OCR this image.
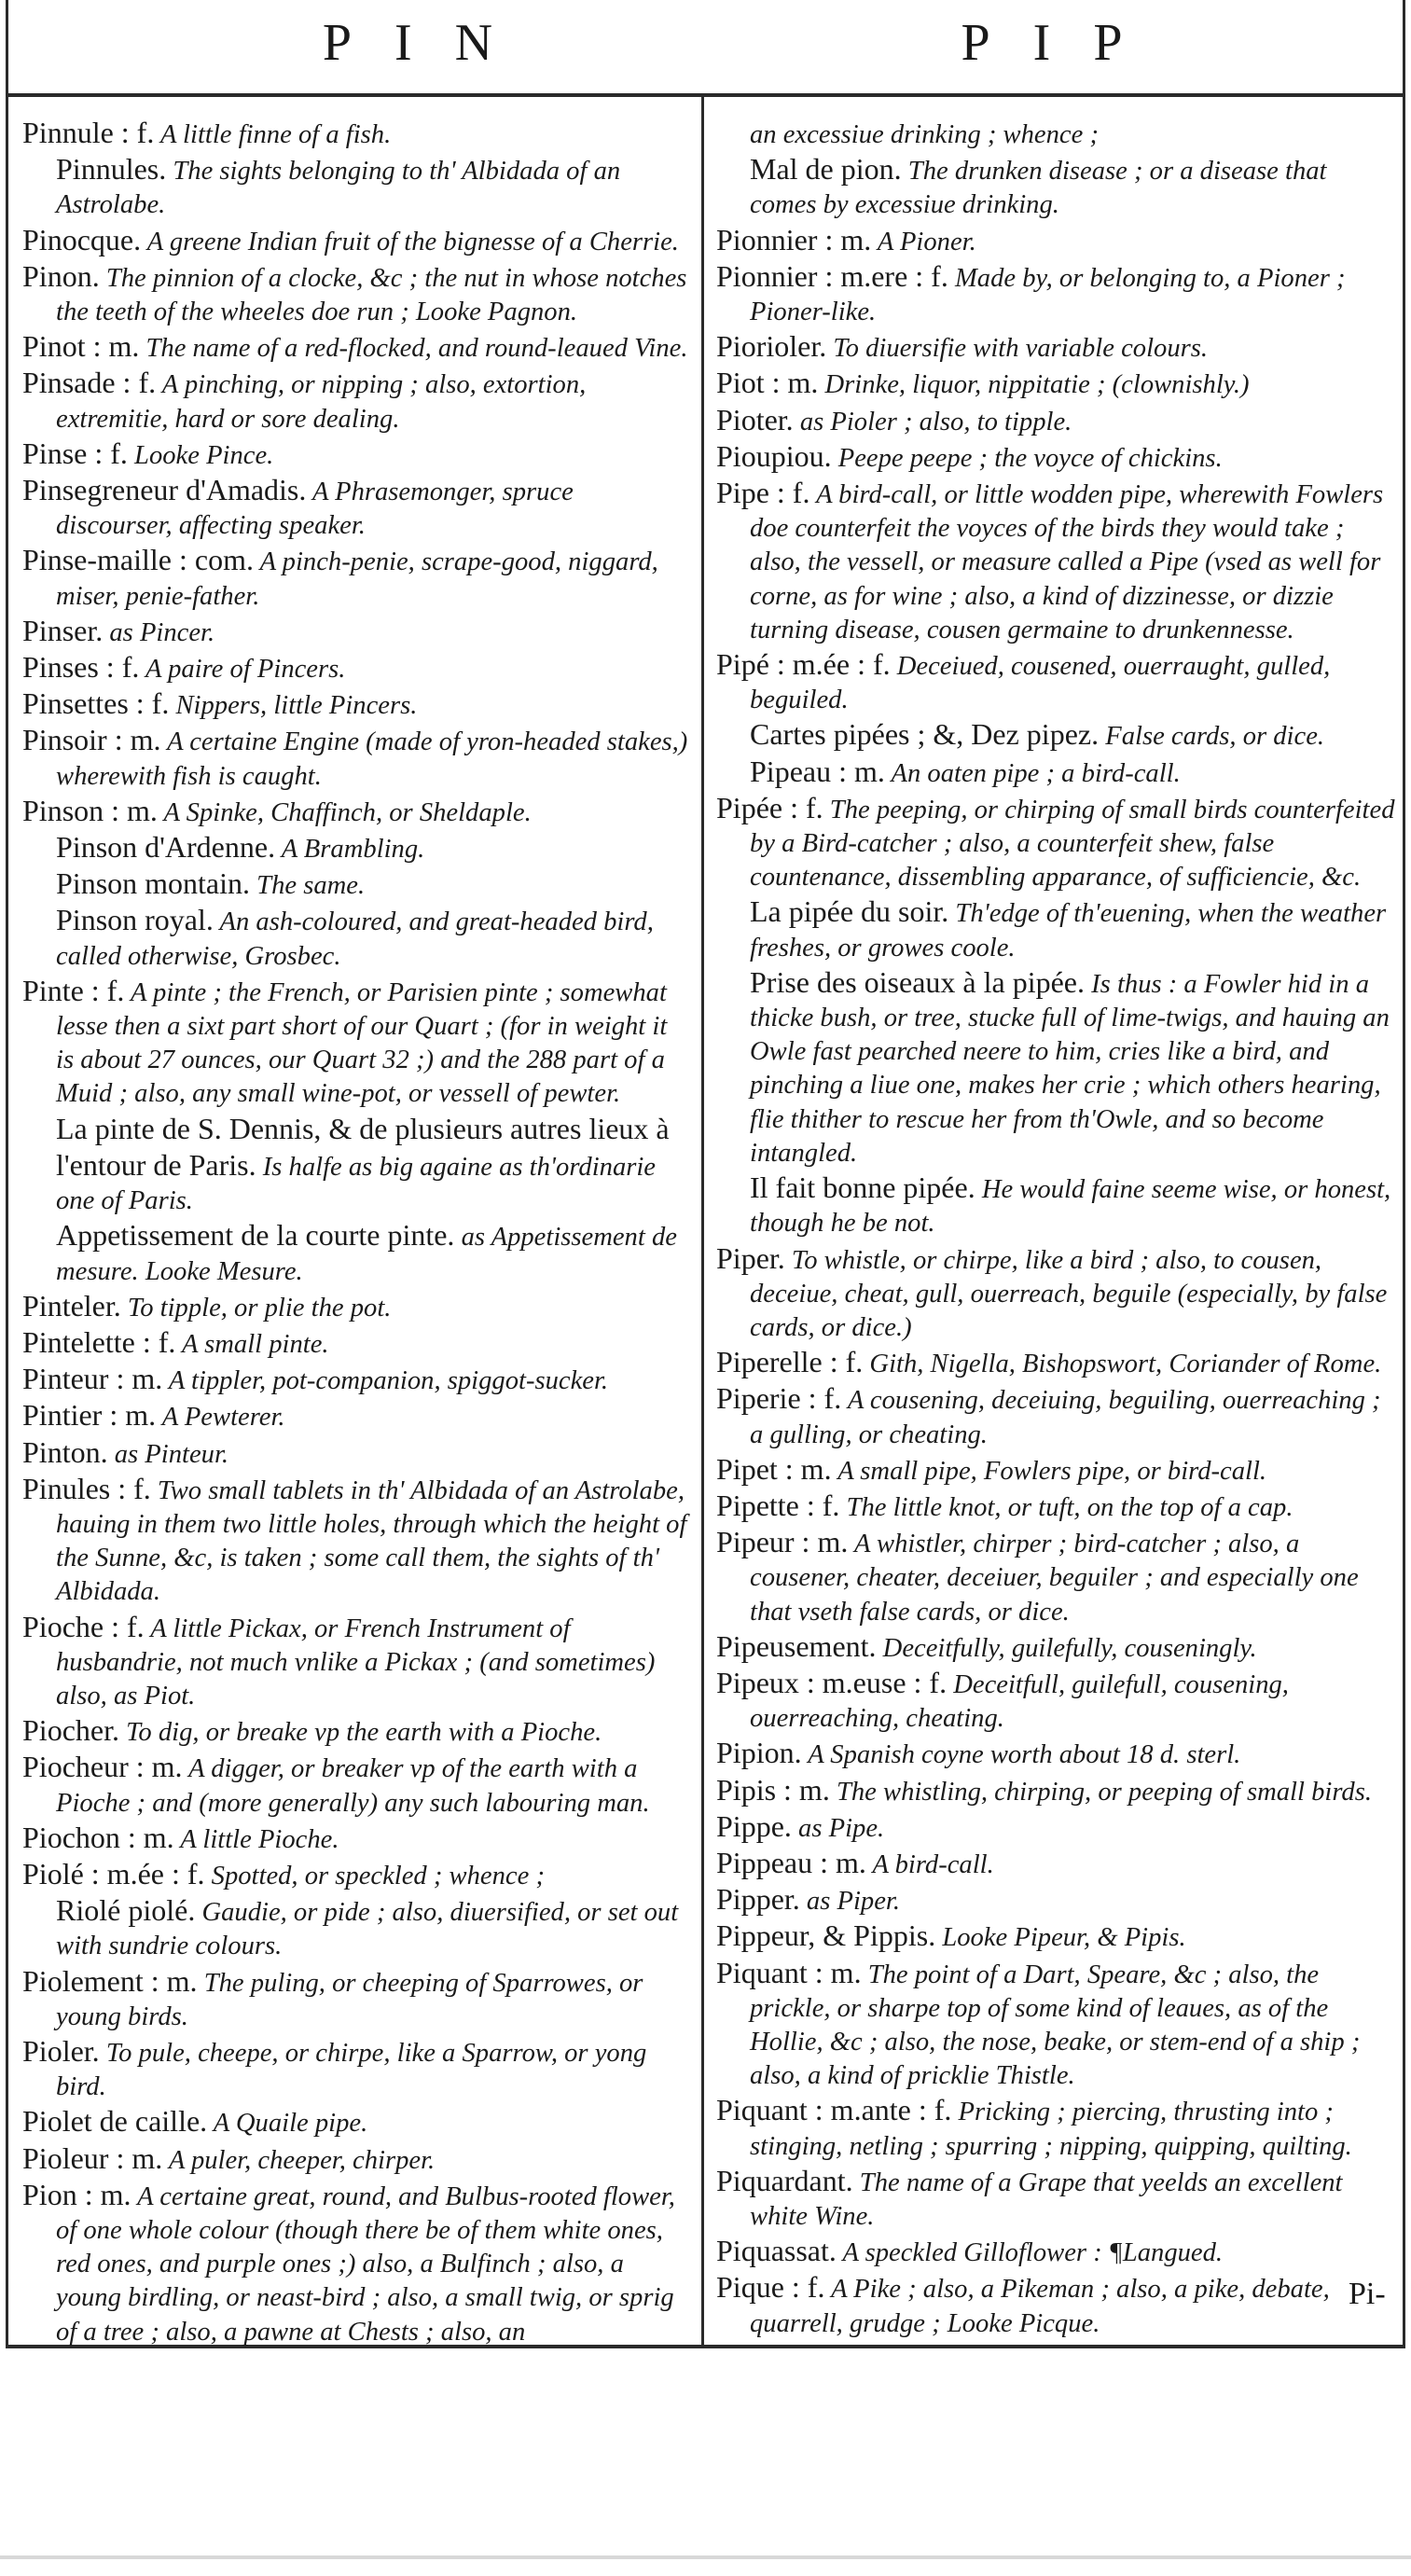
PIN	PIP
Pinnule : f. A little finne of a fish.
Pinnules. The sights belonging to th' Albidada of an Astrolabe.
Pinocque. A greene Indian fruit of the bignesse of a Cherrie.
Pinon. The pinnion of a clocke, &c ; the nut in whose notches the teeth of the wheeles doe run ; Looke Pagnon.
Pinot : m. The name of a red-flocked, and round-leaued Vine.
Pinsade : f. A pinching, or nipping ; also, extortion, extremitie, hard or sore dealing.
Pinse : f. Looke Pince.
Pinsegreneur d'Amadis. A Phrasemonger, spruce discourser, affecting speaker.
Pinse-maille : com. A pinch-penie, scrape-good, niggard, miser, penie-father.
Pinser. as Pincer.
Pinses : f. A paire of Pincers.
Pinsettes : f. Nippers, little Pincers.
Pinsoir : m. A certaine Engine (made of yron-headed stakes,) wherewith fish is caught.
Pinson : m. A Spinke, Chaffinch, or Sheldaple.
Pinson d'Ardenne. A Brambling.
Pinson montain. The same.
Pinson royal. An ash-coloured, and great-headed bird, called otherwise, Grosbec.
Pinte : f. A pinte ; the French, or Parisien pinte ; somewhat lesse then a sixt part short of our Quart ; (for in weight it is about 27 ounces, our Quart 32 ;) and the 288 part of a Muid ; also, any small wine-pot, or vessell of pewter.
La pinte de S. Dennis, & de plusieurs autres lieux à l'entour de Paris. Is halfe as big againe as th'ordinarie one of Paris.
Appetissement de la courte pinte. as Appetissement de mesure. Looke Mesure.
Pinteler. To tipple, or plie the pot.
Pintelette : f. A small pinte.
Pinteur : m. A tippler, pot-companion, spiggot-sucker.
Pintier : m. A Pewterer.
Pinton. as Pinteur.
Pinules : f. Two small tablets in th' Albidada of an Astrolabe, hauing in them two little holes, through which the height of the Sunne, &c, is taken ; some call them, the sights of th' Albidada.
Pioche : f. A little Pickax, or French Instrument of husbandrie, not much vnlike a Pickax ; (and sometimes) also, as Piot.
Piocher. To dig, or breake vp the earth with a Pioche.
Piocheur : m. A digger, or breaker vp of the earth with a Pioche ; and (more generally) any such labouring man.
Piochon : m. A little Pioche.
Piolé : m.ée : f. Spotted, or speckled ; whence ;
Riolé piolé. Gaudie, or pide ; also, diuersified, or set out with sundrie colours.
Piolement : m. The puling, or cheeping of Sparrowes, or young birds.
Pioler. To pule, cheepe, or chirpe, like a Sparrow, or yong bird.
Piolet de caille. A Quaile pipe.
Pioleur : m. A puler, cheeper, chirper.
Pion : m. A certaine great, round, and Bulbus-rooted flower, of one whole colour (though there be of them white ones, red ones, and purple ones ;) also, a Bulfinch ; also, a young birdling, or neast-bird ; also, a small twig, or sprig of a tree ; also, a pawne at Chests ; also, an
an excessiue drinking ; whence ;
Mal de pion. The drunken disease ; or a disease that comes by excessiue drinking.
Pionnier : m. A Pioner.
Pionnier : m.ere : f. Made by, or belonging to, a Pioner ; Pioner-like.
Piorioler. To diuersifie with variable colours.
Piot : m. Drinke, liquor, nippitatie ; (clownishly.)
Pioter. as Pioler ; also, to tipple.
Pioupiou. Peepe peepe ; the voyce of chickins.
Pipe : f. A bird-call, or little wodden pipe, wherewith Fowlers doe counterfeit the voyces of the birds they would take ; also, the vessell, or measure called a Pipe (vsed as well for corne, as for wine ; also, a kind of dizzinesse, or dizzie turning disease, cousen germaine to drunkennesse.
Pipé : m.ée : f. Deceiued, cousened, ouerraught, gulled, beguiled.
Cartes pipées ; &, Dez pipez. False cards, or dice.
Pipeau : m. An oaten pipe ; a bird-call.
Pipée : f. The peeping, or chirping of small birds counterfeited by a Bird-catcher ; also, a counterfeit shew, false countenance, dissembling apparance, of sufficiencie, &c.
La pipée du soir. Th'edge of th'euening, when the weather freshes, or growes coole.
Prise des oiseaux à la pipée. Is thus : a Fowler hid in a thicke bush, or tree, stucke full of lime-twigs, and hauing an Owle fast pearched neere to him, cries like a bird, and pinching a liue one, makes her crie ; which others hearing, flie thither to rescue her from th'Owle, and so become intangled.
Il fait bonne pipée. He would faine seeme wise, or honest, though he be not.
Piper. To whistle, or chirpe, like a bird ; also, to cousen, deceiue, cheat, gull, ouerreach, beguile (especially, by false cards, or dice.)
Piperelle : f. Gith, Nigella, Bishopswort, Coriander of Rome.
Piperie : f. A cousening, deceiuing, beguiling, ouerreaching ; a gulling, or cheating.
Pipet : m. A small pipe, Fowlers pipe, or bird-call.
Pipette : f. The little knot, or tuft, on the top of a cap.
Pipeur : m. A whistler, chirper ; bird-catcher ; also, a cousener, cheater, deceiuer, beguiler ; and especially one that vseth false cards, or dice.
Pipeusement. Deceitfully, guilefully, couseningly.
Pipeux : m.euse : f. Deceitfull, guilefull, cousening, ouerreaching, cheating.
Pipion. A Spanish coyne worth about 18 d. sterl.
Pipis : m. The whistling, chirping, or peeping of small birds.
Pippe. as Pipe.
Pippeau : m. A bird-call.
Pipper. as Piper.
Pippeur, & Pippis. Looke Pipeur, & Pipis.
Piquant : m. The point of a Dart, Speare, &c ; also, the prickle, or sharpe top of some kind of leaues, as of the Hollie, &c ; also, the nose, beake, or stem-end of a ship ; also, a kind of pricklie Thistle.
Piquant : m.ante : f. Pricking ; piercing, thrusting into ; stinging, netling ; spurring ; nipping, quipping, quilting.
Piquardant. The name of a Grape that yeelds an excellent white Wine.
Piquassat. A speckled Gilloflower : ¶Langued.
Pique : f. A Pike ; also, a Pikeman ; also, a pike, debate, quarrell, grudge ; Looke Picque.
Pi-
